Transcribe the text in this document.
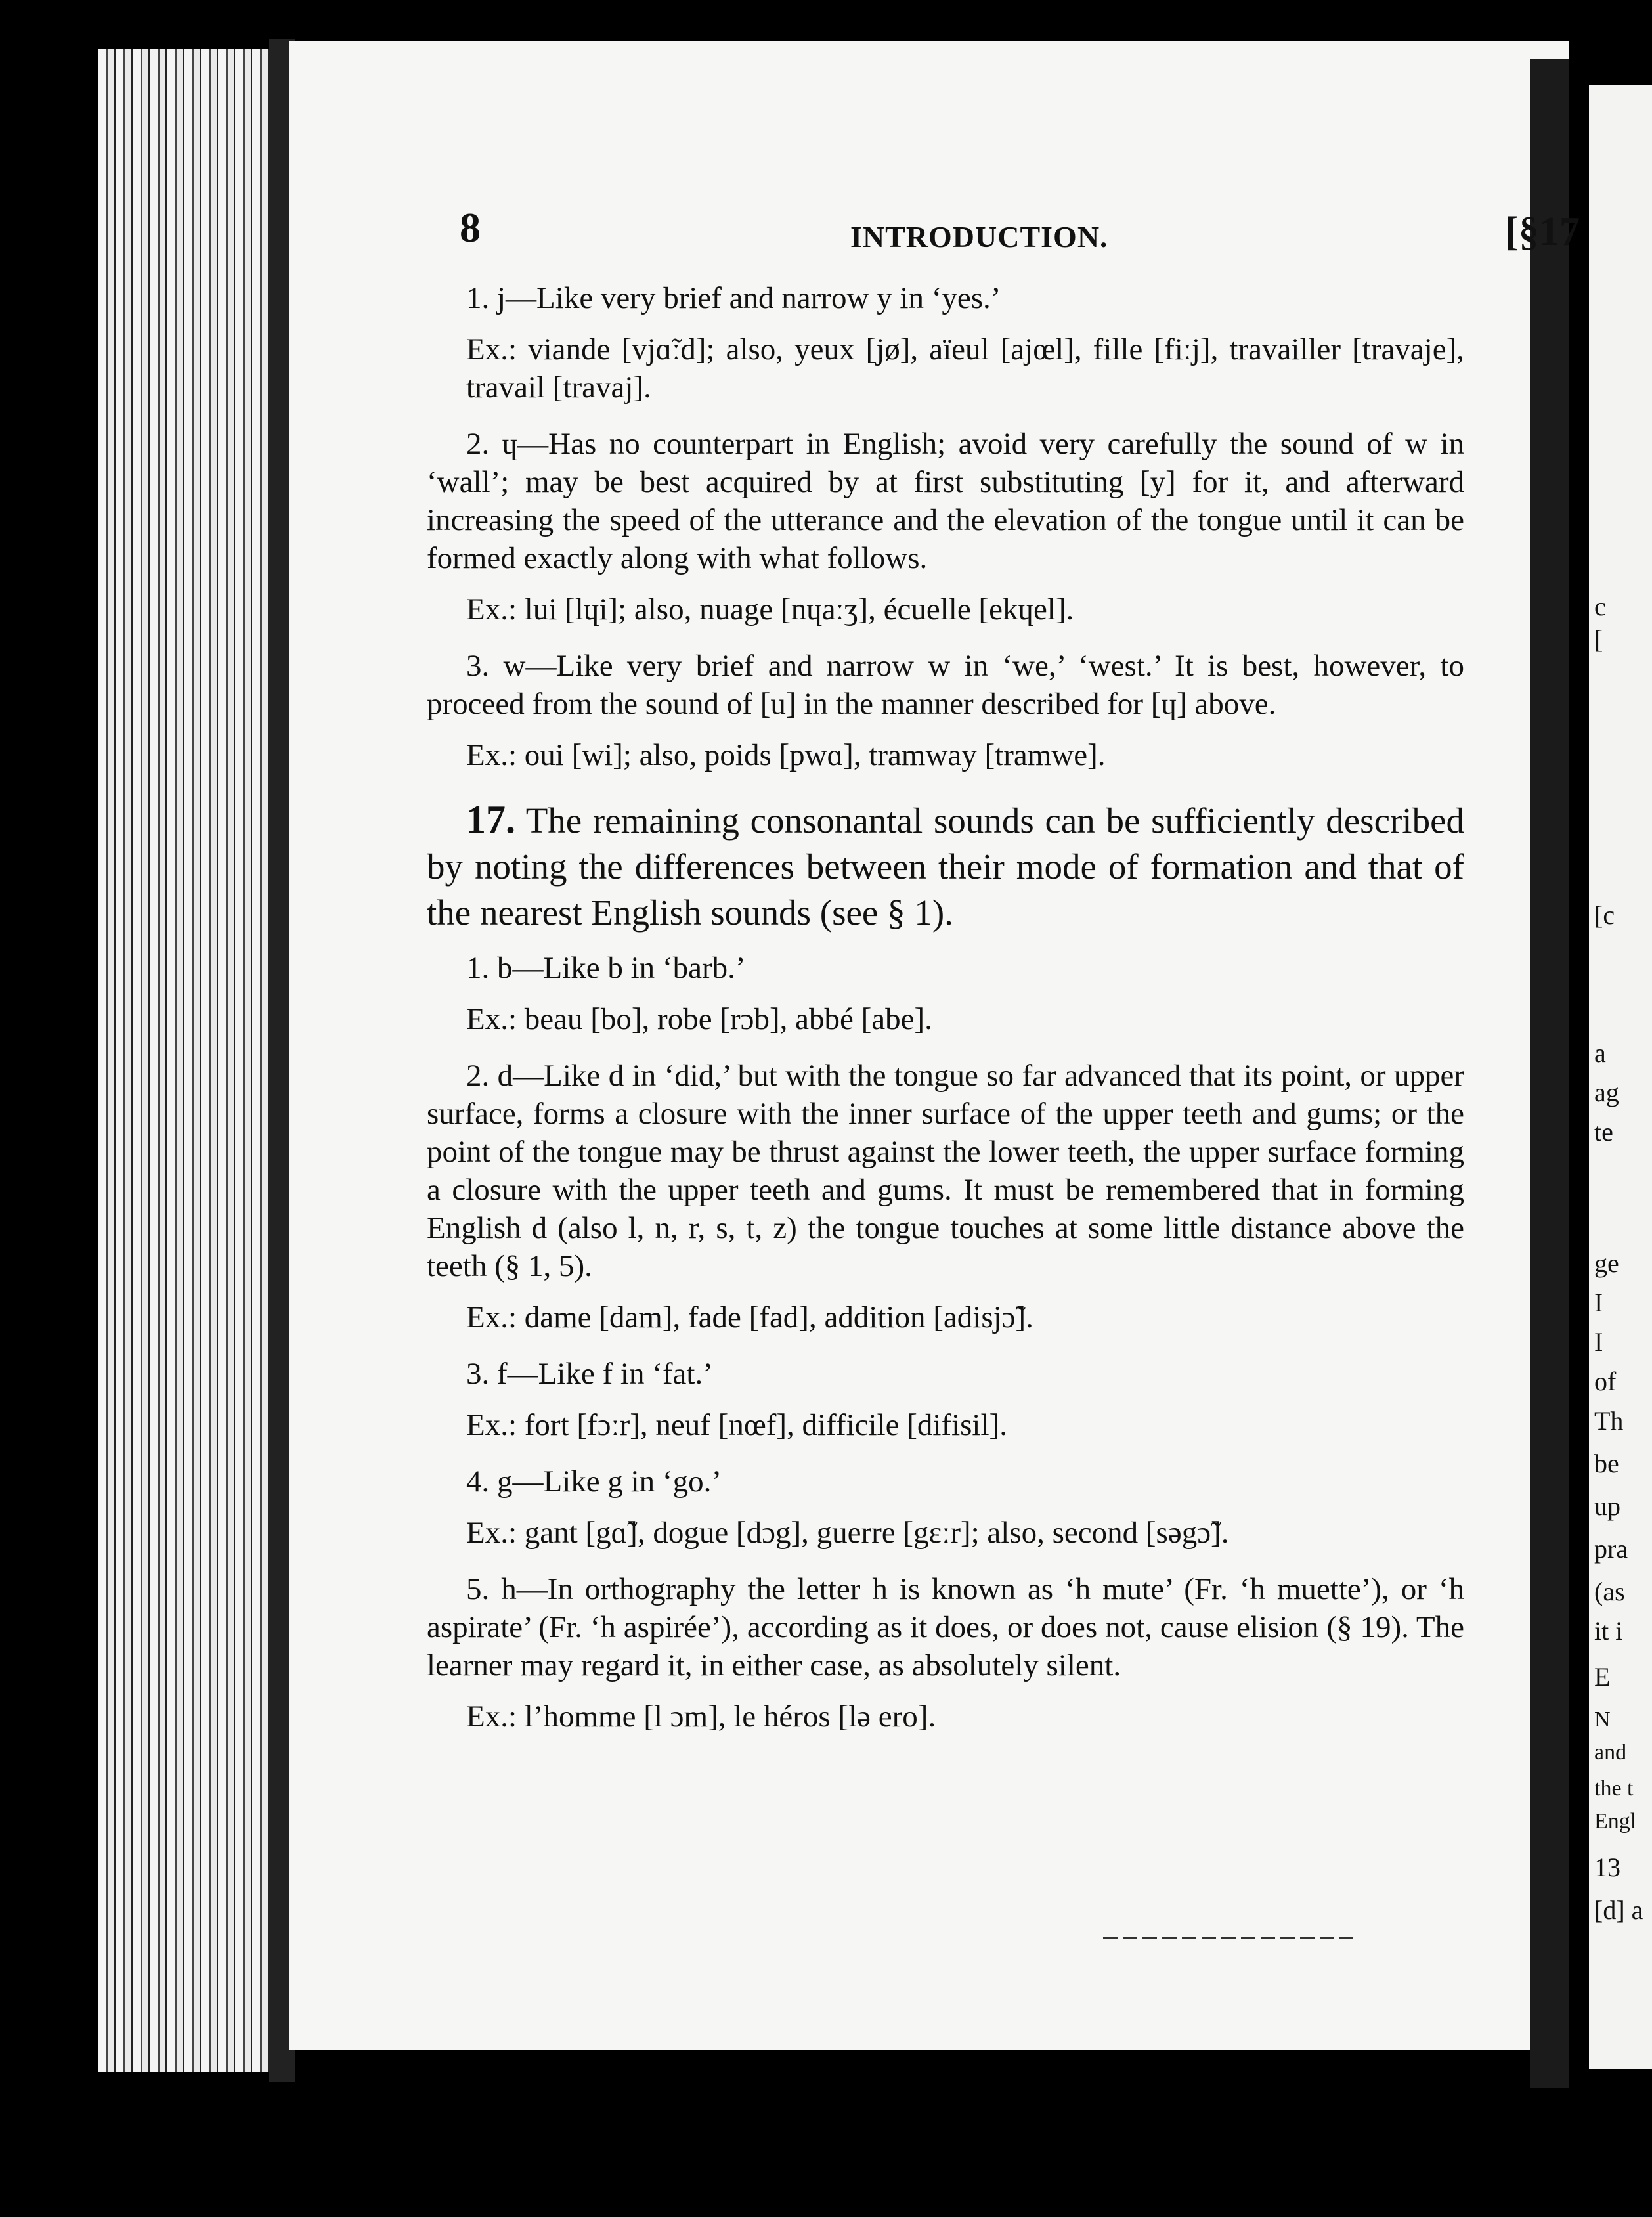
c
[
[c
a
ag
te
ge
I
I
of
Th
be
up
pra
(as
it i
E
N
and
the t
Engl
13
[d] a
8	INTRODUCTION.	[§17

1. j—Like very brief and narrow y in ‘yes.’

Ex.: viande [vjɑ̃ːd]; also, yeux [jø], aïeul [ajœl], fille [fiːj], travailler [travaje], travail [travaj].

2. ɥ—Has no counterpart in English; avoid very carefully the sound of w in ‘wall’; may be best acquired by at first substituting [y] for it, and afterward increasing the speed of the utterance and the elevation of the tongue until it can be formed exactly along with what follows.

Ex.: lui [lɥi]; also, nuage [nɥaːʒ], écuelle [ekɥel].

3. w—Like very brief and narrow w in ‘we,’ ‘west.’ It is best, however, to proceed from the sound of [u] in the manner described for [ɥ] above.

Ex.: oui [wi]; also, poids [pwɑ], tramway [tramwe].

17. The remaining consonantal sounds can be sufficiently described by noting the differences between their mode of formation and that of the nearest English sounds (see § 1).

1. b—Like b in ‘barb.’

Ex.: beau [bo], robe [rɔb], abbé [abe].

2. d—Like d in ‘did,’ but with the tongue so far advanced that its point, or upper surface, forms a closure with the inner surface of the upper teeth and gums; or the point of the tongue may be thrust against the lower teeth, the upper surface forming a closure with the upper teeth and gums. It must be remembered that in forming English d (also l, n, r, s, t, z) the tongue touches at some little distance above the teeth (§ 1, 5).

Ex.: dame [dam], fade [fad], addition [adisjɔ̃].

3. f—Like f in ‘fat.’

Ex.: fort [fɔːr], neuf [nœf], difficile [difisil].

4. g—Like g in ‘go.’

Ex.: gant [gɑ̃], dogue [dɔg], guerre [gɛːr]; also, second [səgɔ̃].

5. h—In orthography the letter h is known as ‘h mute’ (Fr. ‘h muette’), or ‘h aspirate’ (Fr. ‘h aspirée’), according as it does, or does not, cause elision (§ 19). The learner may regard it, in either case, as absolutely silent.

Ex.: l’homme [l ɔm], le héros [lə ero].
